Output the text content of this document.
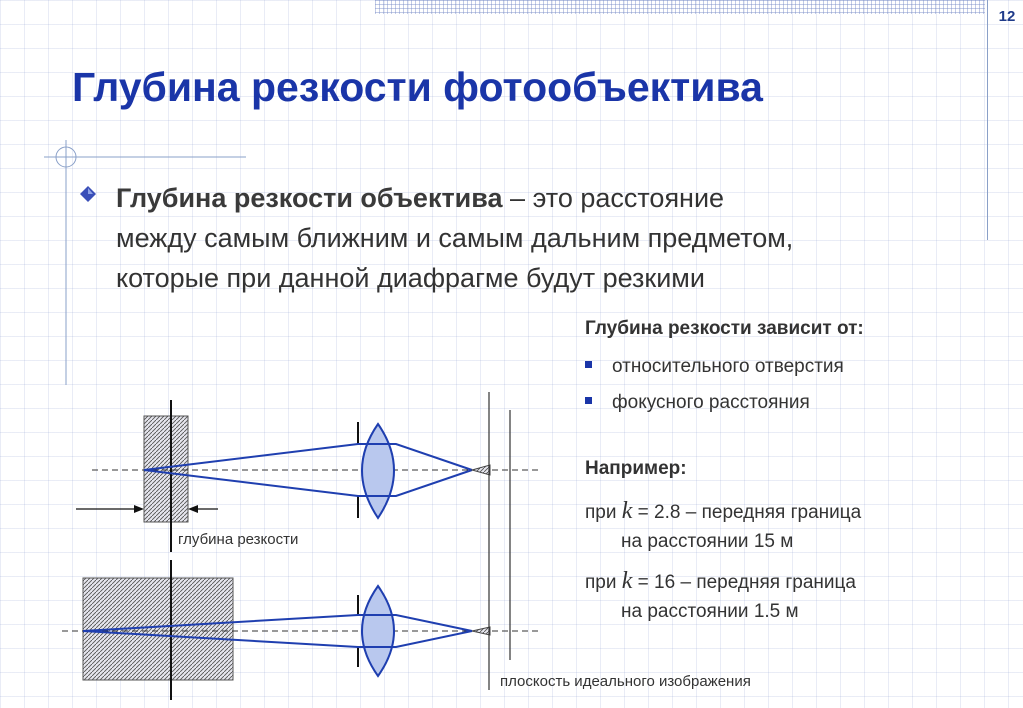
12
Глубина резкости фотообъектива
Глубина резкости объектива – это расстояние
между самым ближним и самым дальним предметом,
которые при данной диафрагме будут резкими
Глубина резкости зависит от:
относительного отверстия
фокусного расстояния
Например:
при k = 2.8 – передняя граница
на расстоянии 15 м
при k = 16 – передняя граница
на расстоянии 1.5 м
глубина резкости
плоскость идеального изображения
